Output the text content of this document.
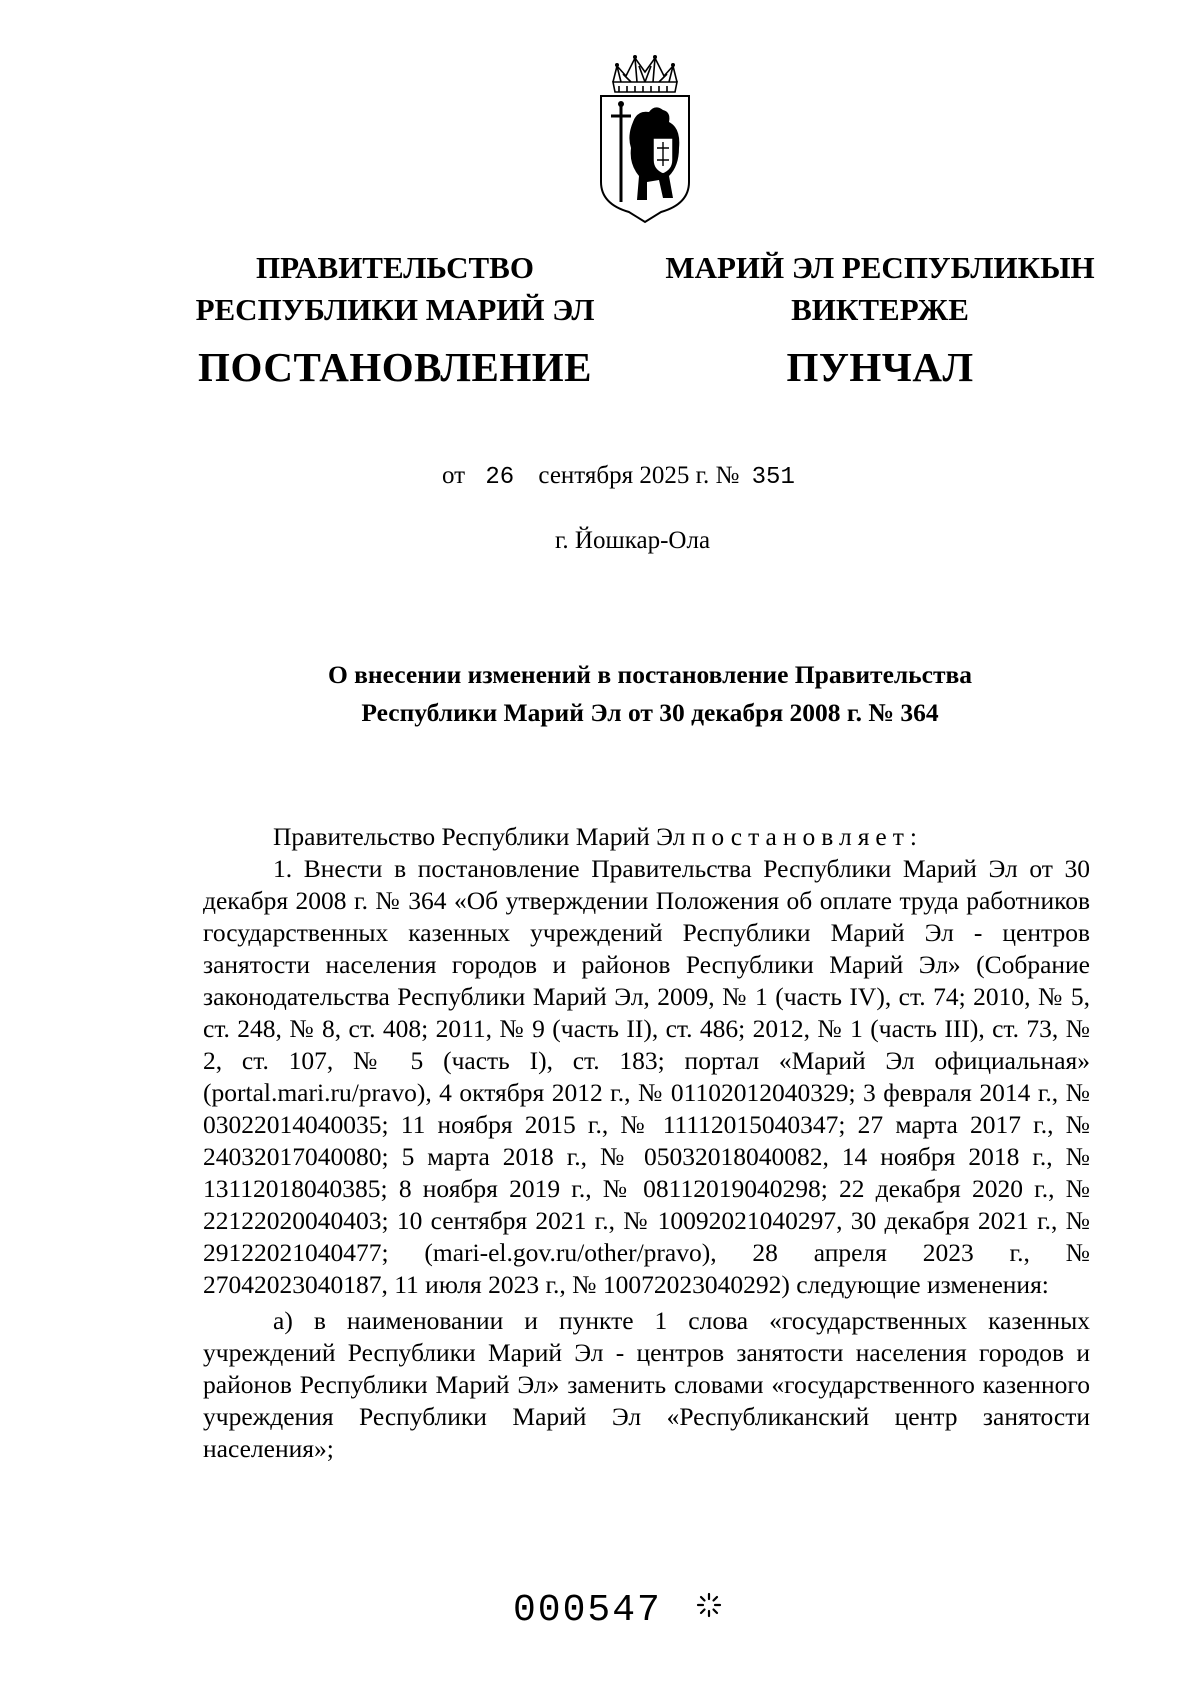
ПРАВИТЕЛЬСТВО
РЕСПУБЛИКИ МАРИЙ ЭЛ
ПОСТАНОВЛЕНИЕ
МАРИЙ ЭЛ РЕСПУБЛИКЫН
ВИКТЕРЖЕ
ПУНЧАЛ
от 26 сентября 2025 г. № 351
г. Йошкар-Ола
О внесении изменений в постановление Правительства
Республики Марий Эл от 30 декабря 2008 г. № 364

Правительство Республики Марий Эл постановляет:

1. Внести в постановление Правительства Республики Марий Эл от 30 декабря 2008 г. № 364 «Об утверждении Положения об оплате труда работников государственных казенных учреждений Республики Марий Эл - центров занятости населения городов и районов Республики Марий Эл» (Собрание законодательства Республики Марий Эл, 2009, № 1 (часть IV), ст. 74; 2010, № 5, ст. 248, № 8, ст. 408; 2011, № 9 (часть II), ст. 486; 2012, № 1 (часть III), ст. 73, № 2, ст. 107, № 5 (часть I), ст. 183; портал «Марий Эл официальная» (portal.mari.ru/pravo), 4 октября 2012 г., № 01102012040329; 3 февраля 2014 г., № 03022014040035; 11 ноября 2015 г., № 11112015040347; 27 марта 2017 г., № 24032017040080; 5 марта 2018 г., № 05032018040082, 14 ноября 2018 г., № 13112018040385; 8 ноября 2019 г., № 08112019040298; 22 декабря 2020 г., № 22122020040403; 10 сентября 2021 г., № 10092021040297, 30 декабря 2021 г., № 29122021040477; (mari-el.gov.ru/other/pravo), 28 апреля 2023 г., № 27042023040187, 11 июля 2023 г., № 10072023040292) следующие изменения:

а) в наименовании и пункте 1 слова «государственных казенных учреждений Республики Марий Эл - центров занятости населения городов и районов Республики Марий Эл» заменить словами «государственного казенного учреждения Республики Марий Эл «Республиканский центр занятости населения»;

000547
